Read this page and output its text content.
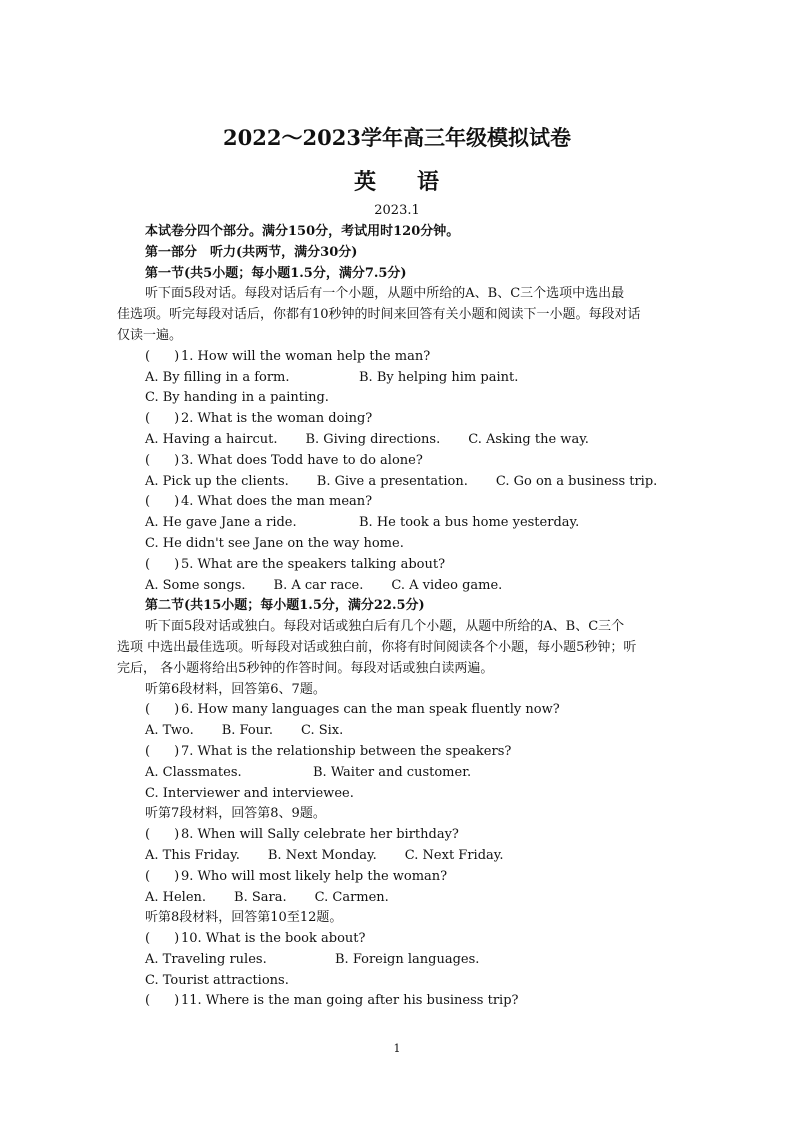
2022～2023学年高三年级模拟试卷
英 语
2023.1
本试卷分四个部分。满分150分，考试用时120分钟。
第一部分　听力(共两节，满分30分)
第一节(共5小题；每小题1.5分，满分7.5分)
听下面5段对话。每段对话后有一个小题，从题中所给的A、B、C三个选项中选出最
佳选项。听完每段对话后，你都有10秒钟的时间来回答有关小题和阅读下一小题。每段对话
仅读一遍。
( ) 1. How will the woman help the man?
A. By filling in a form.	B. By helping him paint.
C. By handing in a painting.
( ) 2. What is the woman doing?
A. Having a haircut. B. Giving directions. C. Asking the way.
( ) 3. What does Todd have to do alone?
A. Pick up the clients. B. Give a presentation. C. Go on a business trip.
( ) 4. What does the man mean?
A. He gave Jane a ride.	B. He took a bus home yesterday.
C. He didn't see Jane on the way home.
( ) 5. What are the speakers talking about?
A. Some songs. B. A car race. C. A video game.
第二节(共15小题；每小题1.5分，满分22.5分)
听下面5段对话或独白。每段对话或独白后有几个小题，从题中所给的A、B、C三个
选项 中选出最佳选项。听每段对话或独白前，你将有时间阅读各个小题，每小题5秒钟；听
完后， 各小题将给出5秒钟的作答时间。每段对话或独白读两遍。
听第6段材料，回答第6、7题。
( ) 6. How many languages can the man speak fluently now?
A. Two. B. Four. C. Six.
( ) 7. What is the relationship between the speakers?
A. Classmates.	B. Waiter and customer.
C. Interviewer and interviewee.
听第7段材料，回答第8、9题。
( ) 8. When will Sally celebrate her birthday?
A. This Friday. B. Next Monday. C. Next Friday.
( ) 9. Who will most likely help the woman?
A. Helen. B. Sara. C. Carmen.
听第8段材料，回答第10至12题。
( ) 10. What is the book about?
A. Traveling rules.	B. Foreign languages.
C. Tourist attractions.
( ) 11. Where is the man going after his business trip?
1
